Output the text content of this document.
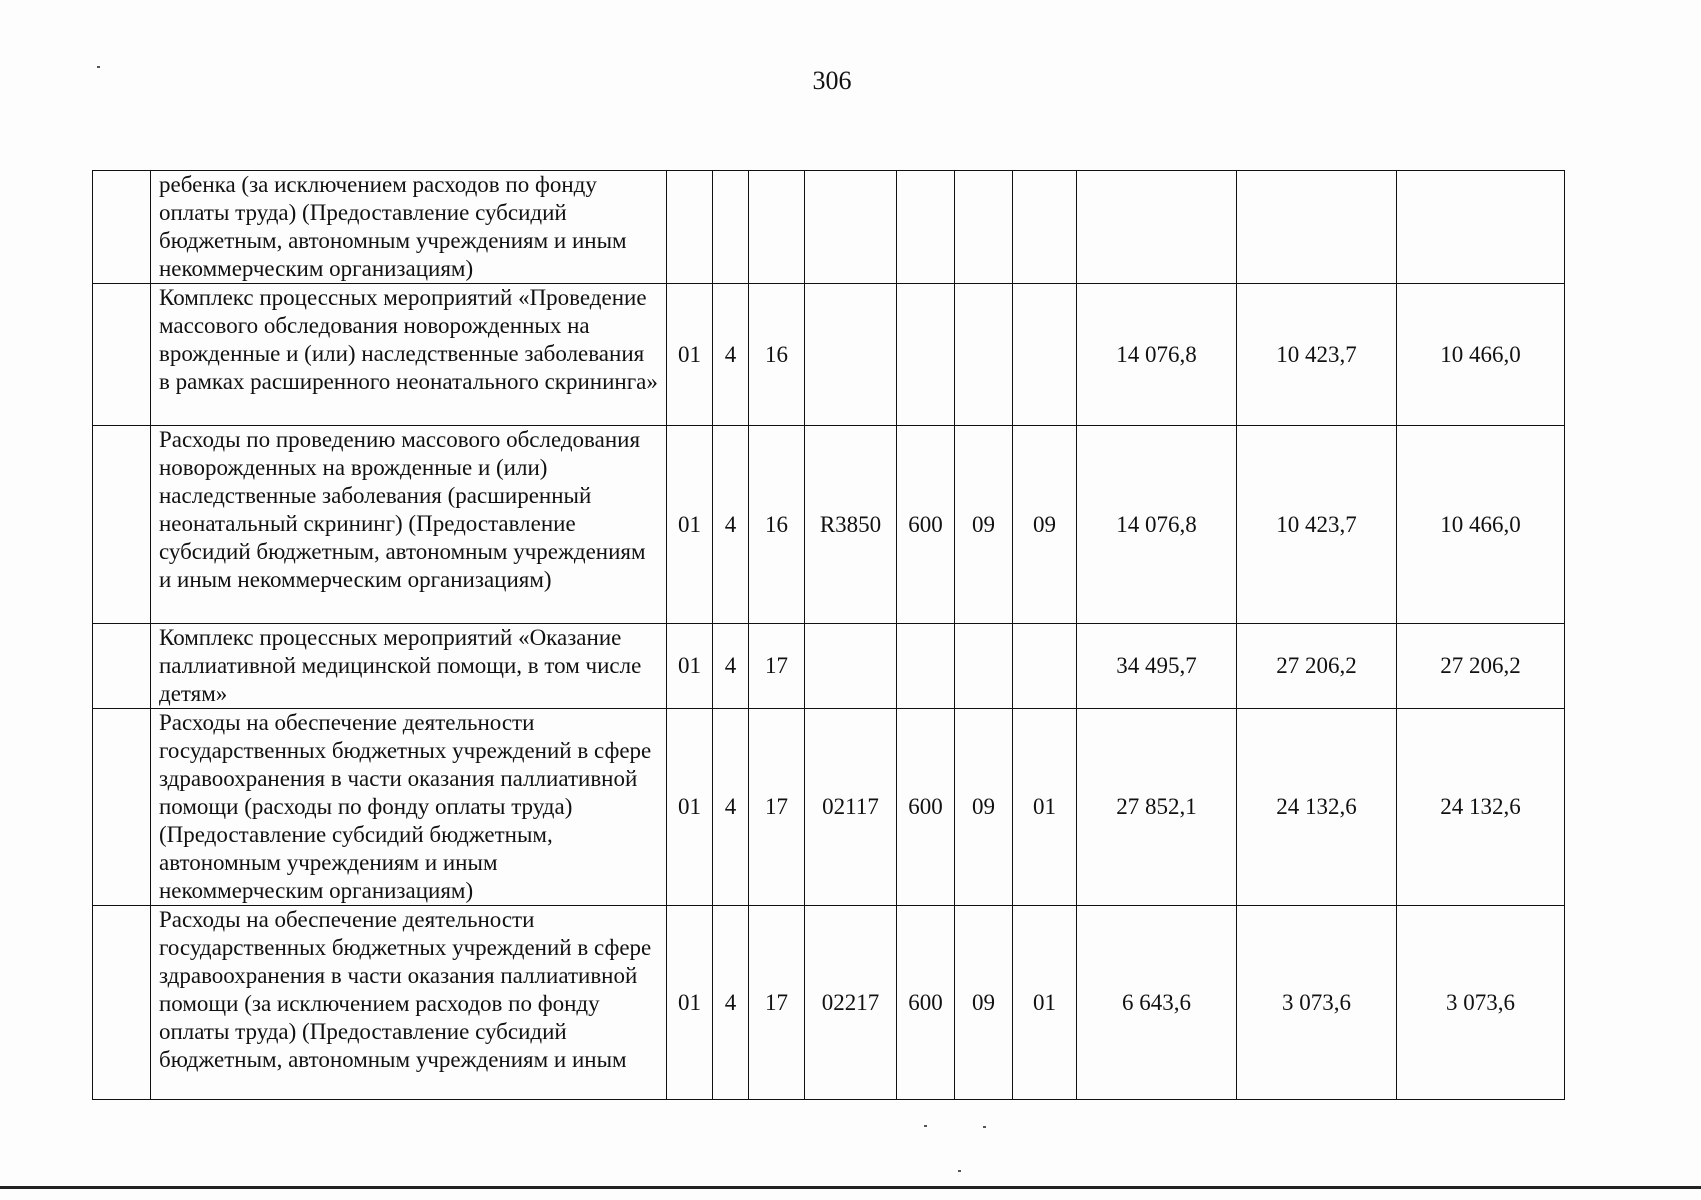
306
	ребенка (за исключением расходов по фонду оплаты труда) (Предоставление субсидий бюджетным, автономным учреждениям и иным некоммерческим организациям)										
	Комплекс процессных мероприятий «Проведение массового обследования новорожденных на врожденные и (или) наследственные заболевания в рамках расширенного неонатального скрининга»	01	4	16					14 076,8	10 423,7	10 466,0
	Расходы по проведению массового обследования новорожденных на врожденные и (или) наследственные заболевания (расширенный неонатальный скрининг) (Предоставление субсидий бюджетным, автономным учреждениям и иным некоммерческим организациям)	01	4	16	R3850	600	09	09	14 076,8	10 423,7	10 466,0
	Комплекс процессных мероприятий «Оказание паллиативной медицинской помощи, в том числе детям»	01	4	17					34 495,7	27 206,2	27 206,2
	Расходы на обеспечение деятельности государственных бюджетных учреждений в сфере здравоохранения в части оказания паллиативной помощи (расходы по фонду оплаты труда) (Предоставление субсидий бюджетным, автономным учреждениям и иным некоммерческим организациям)	01	4	17	02117	600	09	01	27 852,1	24 132,6	24 132,6
	Расходы на обеспечение деятельности государственных бюджетных учреждений в сфере здравоохранения в части оказания паллиативной помощи (за исключением расходов по фонду оплаты труда) (Предоставление субсидий бюджетным, автономным учреждениям и иным	01	4	17	02217	600	09	01	6 643,6	3 073,6	3 073,6
